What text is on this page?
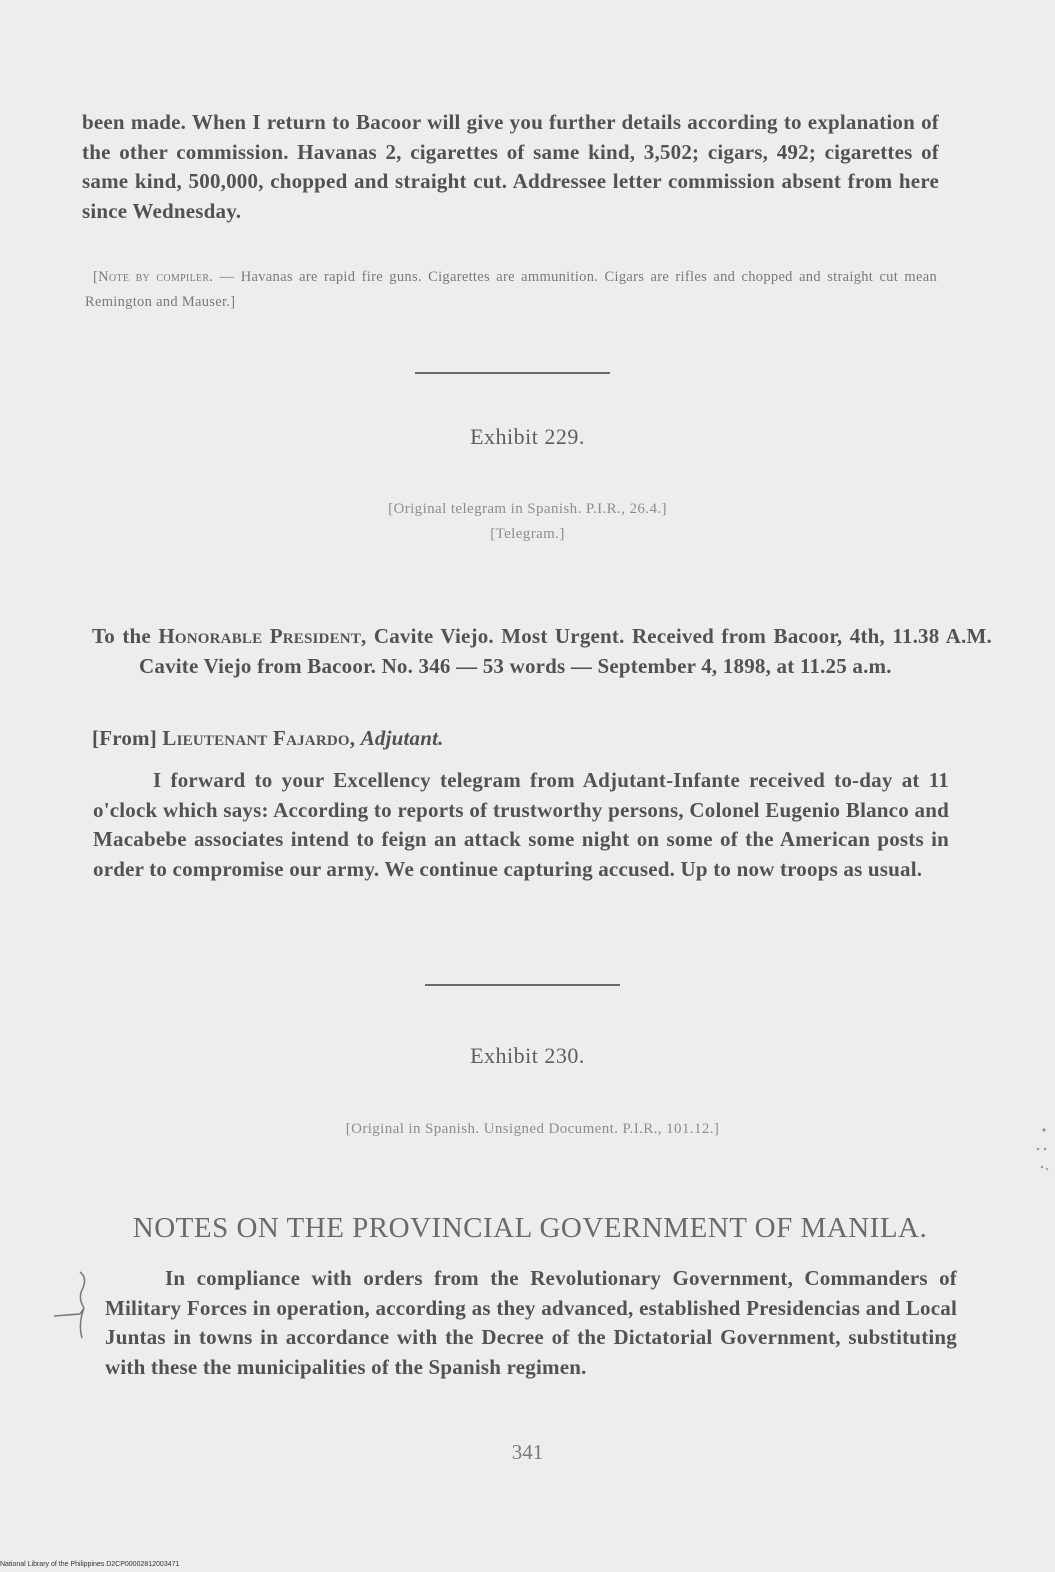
been made. When I return to Bacoor will give you further details according to explanation of the other commission. Havanas 2, cigarettes of same kind, 3,502; cigars, 492; cigarettes of same kind, 500,000, chopped and straight cut. Addressee letter commission absent from here since Wednesday.
[Note by compiler. — Havanas are rapid fire guns. Cigarettes are ammunition. Cigars are rifles and chopped and straight cut mean Remington and Mauser.]
Exhibit 229.
[Original telegram in Spanish. P.I.R., 26.4.]
[Telegram.]
To the Honorable President, Cavite Viejo. Most Urgent. Received from Bacoor, 4th, 11.38 A.M. Cavite Viejo from Bacoor. No. 346 — 53 words — September 4, 1898, at 11.25 a.m.
[From] Lieutenant Fajardo, Adjutant.
I forward to your Excellency telegram from Adjutant-Infante received to-day at 11 o'clock which says: According to reports of trustworthy persons, Colonel Eugenio Blanco and Macabebe associates intend to feign an attack some night on some of the American posts in order to compromise our army. We continue capturing accused. Up to now troops as usual.
Exhibit 230.
[Original in Spanish. Unsigned Document. P.I.R., 101.12.]
NOTES ON THE PROVINCIAL GOVERNMENT OF MANILA.
In compliance with orders from the Revolutionary Government, Commanders of Military Forces in operation, according as they advanced, established Presidencias and Local Juntas in towns in accordance with the Decree of the Dictatorial Government, substituting with these the municipalities of the Spanish regimen.
341
National Library of the Philippines D2CP00002812003471
